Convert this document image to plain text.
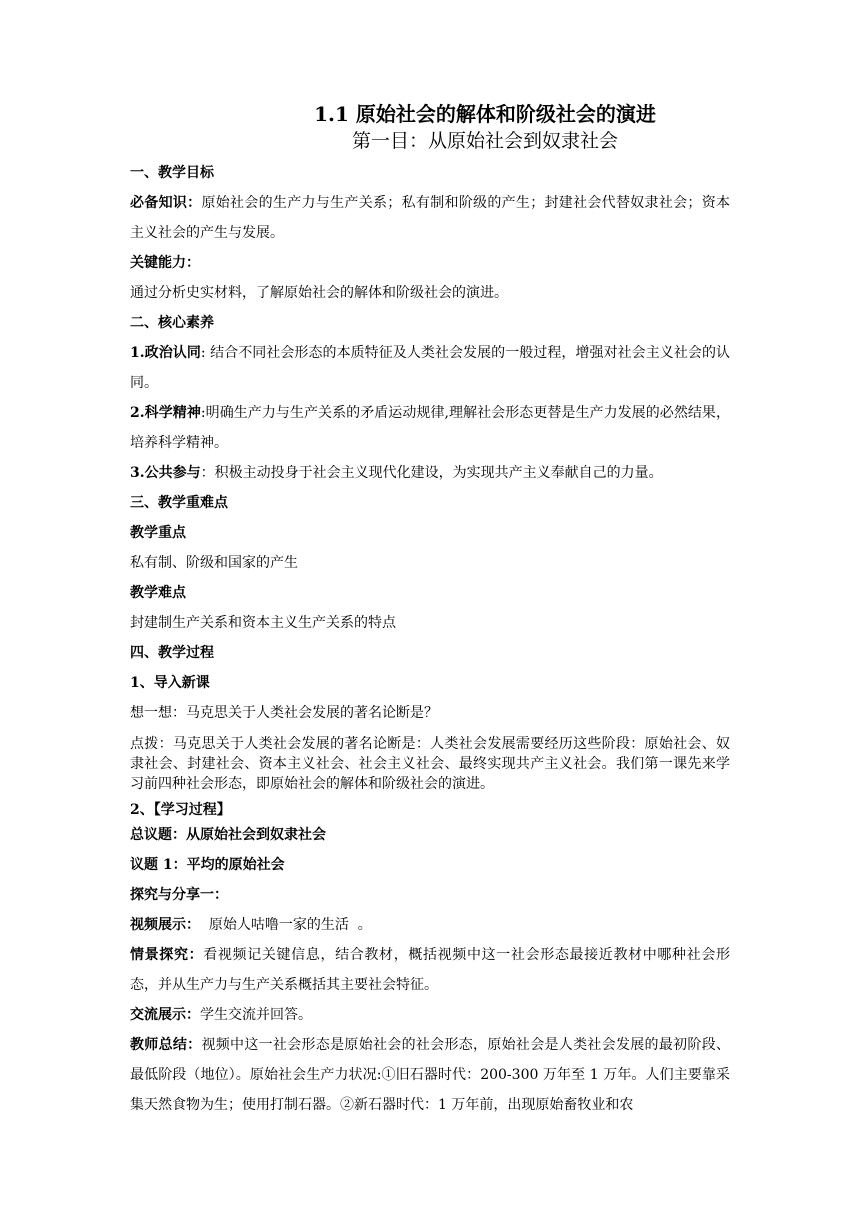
1.1 原始社会的解体和阶级社会的演进
第一目：从原始社会到奴隶社会

一、教学目标

必备知识：原始社会的生产力与生产关系；私有制和阶级的产生；封建社会代替奴隶社会；资本主义社会的产生与发展。

关键能力：

通过分析史实材料，了解原始社会的解体和阶级社会的演进。

二、核心素养

1.政治认同: 结合不同社会形态的本质特征及人类社会发展的一般过程，增强对社会主义社会的认同。

2.科学精神:明确生产力与生产关系的矛盾运动规律,理解社会形态更替是生产力发展的必然结果，培养科学精神。

3.公共参与：积极主动投身于社会主义现代化建设，为实现共产主义奉献自己的力量。

三、教学重难点

教学重点

私有制、阶级和国家的产生

教学难点

封建制生产关系和资本主义生产关系的特点

四、教学过程

1、导入新课

想一想：马克思关于人类社会发展的著名论断是？

点拨：马克思关于人类社会发展的著名论断是：人类社会发展需要经历这些阶段：原始社会、奴隶社会、封建社会、资本主义社会、社会主义社会、最终实现共产主义社会。我们第一课先来学习前四种社会形态，即原始社会的解体和阶级社会的演进。

2、【学习过程】

总议题：从原始社会到奴隶社会

议题 1：平均的原始社会

探究与分享一：

视频展示：  原始人咕噜一家的生活  。

情景探究：看视频记关键信息，结合教材，概括视频中这一社会形态最接近教材中哪种社会形态，并从生产力与生产关系概括其主要社会特征。

交流展示：学生交流并回答。

教师总结：视频中这一社会形态是原始社会的社会形态，原始社会是人类社会发展的最初阶段、最低阶段（地位）。原始社会生产力状况:①旧石器时代：200-300 万年至 1 万年。人们主要靠采集天然食物为生；使用打制石器。②新石器时代：1 万年前，出现原始畜牧业和农
